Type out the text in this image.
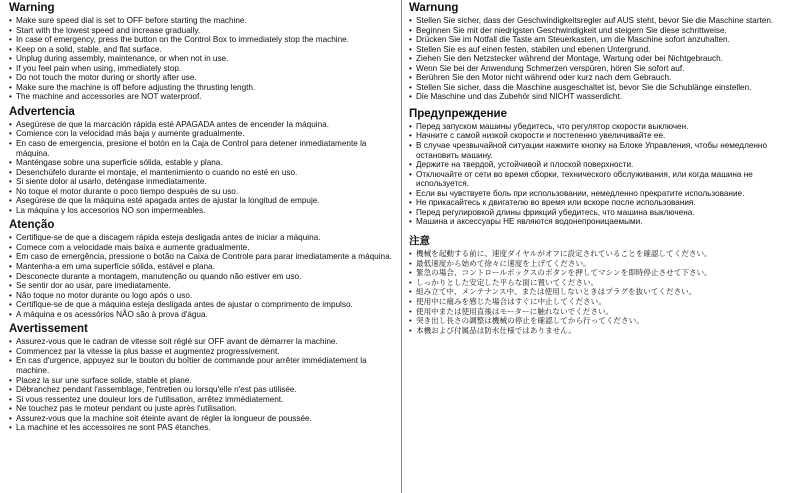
Warning
• Make sure speed dial is set to OFF before starting the machine.
• Start with the lowest speed and increase gradually.
• In case of emergency, press the button on the Control Box to immediately stop the machine.
• Keep on a solid, stable, and flat surface.
• Unplug during assembly, maintenance, or when not in use.
• If you feel pain when using, immediately stop.
• Do not touch the motor during or shortly after use.
• Make sure the machine is off before adjusting the thrusting length.
• The machine and accessories are NOT waterproof.
Advertencia
• Asegúrese de que la marcación rápida esté APAGADA antes de encender la máquina.
• Comience con la velocidad más baja y aumente gradualmente.
• En caso de emergencia, presione el botón en la Caja de Control para detener inmediatamente la máquina.
• Manténgase sobre una superficie sólida, estable y plana.
• Desenchúfelo durante el montaje, el mantenimiento o cuando no esté en uso.
• Si siente dolor al usarlo, deténgase inmediatamente.
• No toque el motor durante o poco tiempo después de su uso.
• Asegúrese de que la máquina esté apagada antes de ajustar la longitud de empuje.
• La máquina y los accesorios NO son impermeables.
Atenção
• Certifique-se de que a discagem rápida esteja desligada antes de iniciar a máquina.
• Comece com a velocidade mais baixa e aumente gradualmente.
• Em caso de emergência, pressione o botão na Caixa de Controle para parar imediatamente a máquina.
• Mantenha-a em uma superfície sólida, estável e plana.
• Desconecte durante a montagem, manutenção ou quando não estiver em uso.
• Se sentir dor ao usar, pare imediatamente.
• Não toque no motor durante ou logo após o uso.
• Certifique-se de que a máquina esteja desligada antes de ajustar o comprimento de impulso.
• A máquina e os acessórios NÃO são à prova d'água.
Avertissement
• Assurez-vous que le cadran de vitesse soit réglé sur OFF avant de démarrer la machine.
• Commencez par la vitesse la plus basse et augmentez progressivement.
• En cas d'urgence, appuyez sur le bouton du boîtier de commande pour arrêter immédiatement la machine.
• Placez la sur une surface solide, stable et plane.
• Débranchez pendant l'assemblage, l'entretien ou lorsqu'elle n'est pas utilisée.
• Si vous ressentez une douleur lors de l'utilisation, arrêtez immédiatement.
• Ne touchez pas le moteur pendant ou juste après l'utilisation.
• Assurez-vous que la machine soit éteinte avant de régler la longueur de poussée.
• La machine et les accessoires ne sont PAS étanches.
Warnung
• Stellen Sie sicher, dass der Geschwindigkeitsregler auf AUS steht, bevor Sie die Maschine starten.
• Beginnen Sie mit der niedrigsten Geschwindigkeit und steigern Sie diese schrittweise.
• Drücken Sie im Notfall die Taste am Steuerkasten, um die Maschine sofort anzuhalten.
• Stellen Sie es auf einen festen, stabilen und ebenen Untergrund.
• Ziehen Sie den Netzstecker während der Montage, Wartung oder bei Nichtgebrauch.
• Wenn Sie bei der Anwendung Schmerzen verspüren, hören Sie sofort auf.
• Berühren Sie den Motor nicht während oder kurz nach dem Gebrauch.
• Stellen Sie sicher, dass die Maschine ausgeschaltet ist, bevor Sie die Schublänge einstellen.
• Die Maschine und das Zubehör sind NICHT wasserdicht.
Предупреждение
• Перед запуском машины убедитесь, что регулятор скорости выключен.
• Начните с самой низкой скорости и постепенно увеличивайте ее.
• В случае чрезвычайной ситуации нажмите кнопку на Блоке Управления, чтобы немедленно остановить машину.
• Держите на твердой, устойчивой и плоской поверхности.
• Отключайте от сети во время сборки, технического обслуживания, или когда машина не используется.
• Если вы чувствуете боль при использовании, немедленно прекратите использование.
• Не прикасайтесь к двигателю во время или вскоре после использования.
• Перед регулировкой длины фрикций убедитесь, что машина выключена.
• Машина и аксессуары НЕ являются водонепроницаемыми.
注意
• 機械を起動する前に、速度ダイヤルがオフに設定されていることを確認してください。
• 最低速度から始めて徐々に速度を上げてください。
• 緊急の場合、コントロールボックスのボタンを押してマシンを即時停止させて下さい。
• しっかりとした安定した平らな面に置いてください。
• 組み立て中、メンテナンス中、または使用しないときはプラグを抜いてください。
• 使用中に痛みを感じた場合はすぐに中止してください。
• 使用中または使用直後はモーターに触れないでください。
• 突き出し長さの調整は機械の停止を確認してから行ってください。
• 本機および付属品は防水仕様ではありません。
